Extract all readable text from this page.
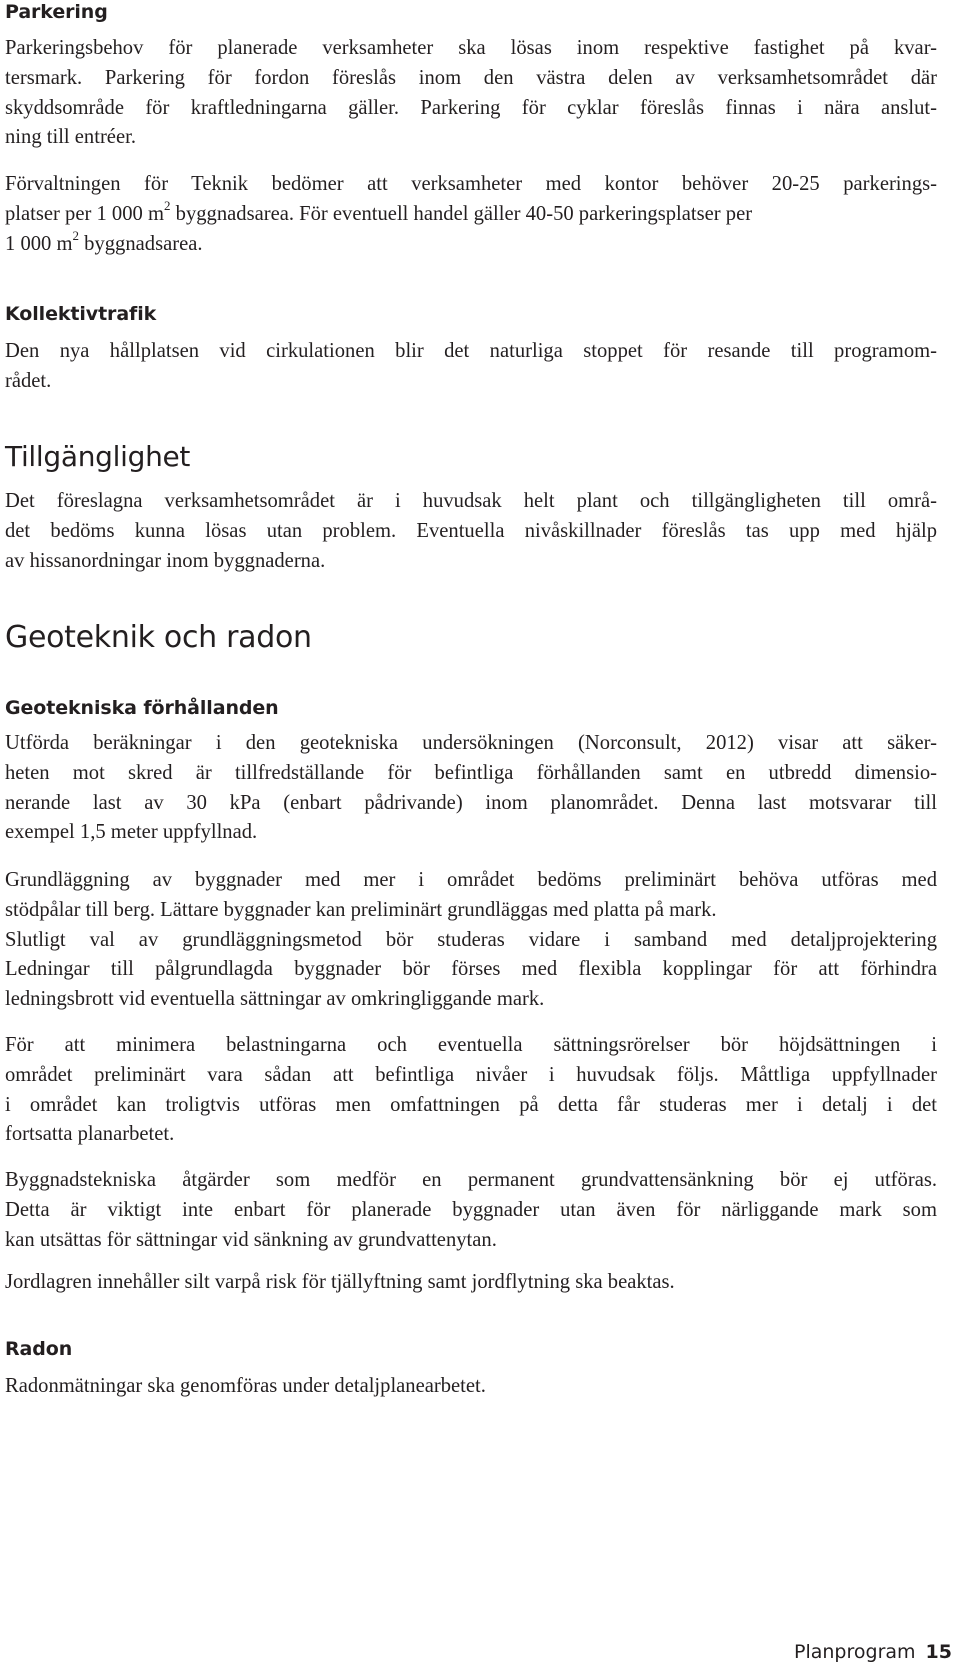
Parkering

Parkeringsbehov för planerade verksamheter ska lösas inom respektive fastighet på kvar-
tersmark. Parkering för fordon föreslås inom den västra delen av verksamhetsområdet där
skyddsområde för kraftledningarna gäller. Parkering för cyklar föreslås finnas i nära anslut-
ning till entréer.

Förvaltningen för Teknik bedömer att verksamheter med kontor behöver 20-25 parkerings-
platser per 1 000 $m^2$ byggnadsarea. För eventuell handel gäller 40-50 parkeringsplatser per
1 000 $m^2$ byggnadsarea.

Kollektivtrafik

Den nya hållplatsen vid cirkulationen blir det naturliga stoppet för resande till programom-
rådet.

Tillgänglighet

Det föreslagna verksamhetsområdet är i huvudsak helt plant och tillgängligheten till områ-
det bedöms kunna lösas utan problem. Eventuella nivåskillnader föreslås tas upp med hjälp
av hissanordningar inom byggnaderna.

Geoteknik och radon
Geotekniska förhållanden

Utförda beräkningar i den geotekniska undersökningen (Norconsult, 2012) visar att säker-
heten mot skred är tillfredställande för befintliga förhållanden samt en utbredd dimensio-
nerande last av 30 kPa (enbart pådrivande) inom planområdet. Denna last motsvarar till
exempel 1,5 meter uppfyllnad.

Grundläggning av byggnader med mer i området bedöms preliminärt behöva utföras med
stödpålar till berg. Lättare byggnader kan preliminärt grundläggas med platta på mark.
Slutligt val av grundläggningsmetod bör studeras vidare i samband med detaljprojektering
Ledningar till pålgrundlagda byggnader bör förses med flexibla kopplingar för att förhindra
ledningsbrott vid eventuella sättningar av omkringliggande mark.

För att minimera belastningarna och eventuella sättningsrörelser bör höjdsättningen i
området preliminärt vara sådan att befintliga nivåer i huvudsak följs. Måttliga uppfyllnader
i området kan troligtvis utföras men omfattningen på detta får studeras mer i detalj i det
fortsatta planarbetet.

Byggnadstekniska åtgärder som medför en permanent grundvattensänkning bör ej utföras.
Detta är viktigt inte enbart för planerade byggnader utan även för närliggande mark som
kan utsättas för sättningar vid sänkning av grundvattenytan.

Jordlagren innehåller silt varpå risk för tjällyftning samt jordflytning ska beaktas.

Radon

Radonmätningar ska genomföras under detaljplanearbetet.

Planprogram 15
